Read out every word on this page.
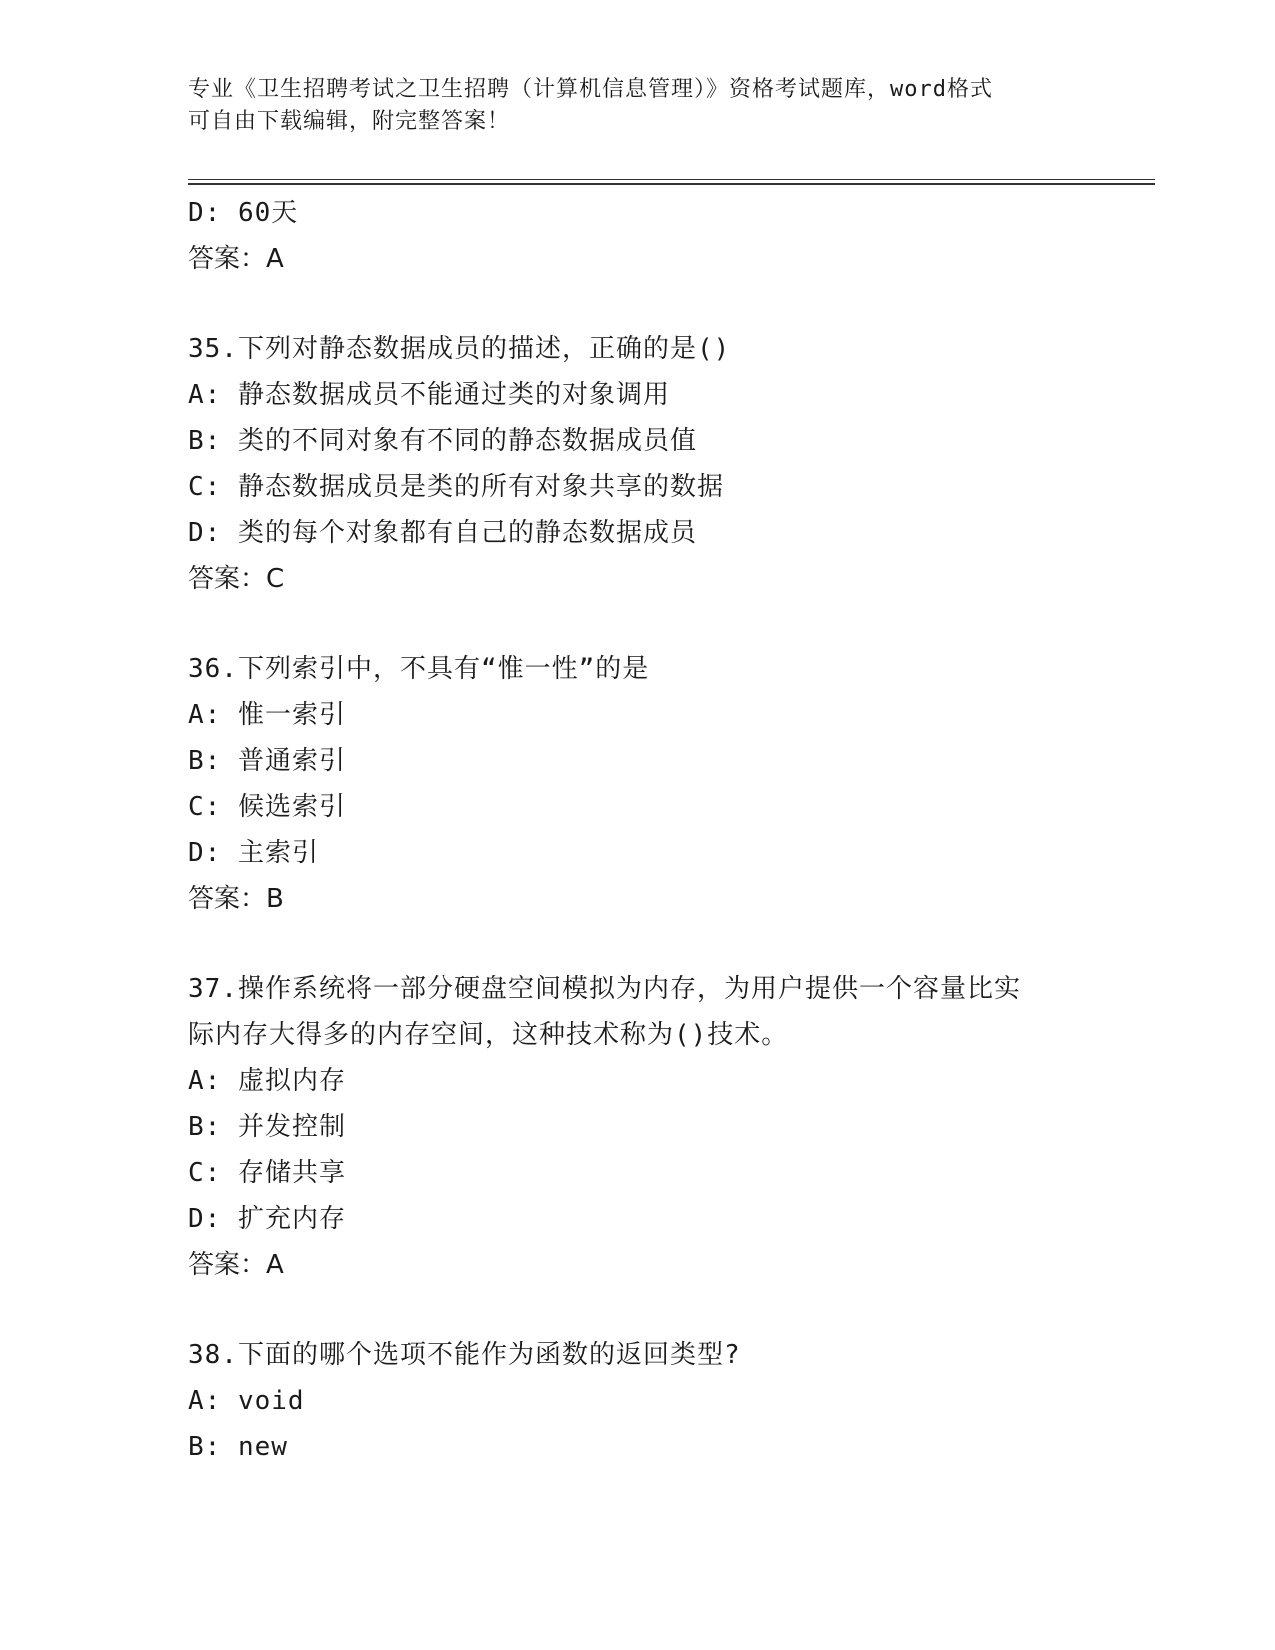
专业《卫生招聘考试之卫生招聘（计算机信息管理）》资格考试题库，word格式
可自由下载编辑，附完整答案！
D: 60天
答案：A
35.下列对静态数据成员的描述，正确的是()
A: 静态数据成员不能通过类的对象调用
B: 类的不同对象有不同的静态数据成员值
C: 静态数据成员是类的所有对象共享的数据
D: 类的每个对象都有自己的静态数据成员
答案：C
36.下列索引中，不具有“惟一性”的是
A: 惟一索引
B: 普通索引
C: 候选索引
D: 主索引
答案：B
37.操作系统将一部分硬盘空间模拟为内存，为用户提供一个容量比实
际内存大得多的内存空间，这种技术称为()技术。
A: 虚拟内存
B: 并发控制
C: 存储共享
D: 扩充内存
答案：A
38.下面的哪个选项不能作为函数的返回类型?
A: void
B: new
